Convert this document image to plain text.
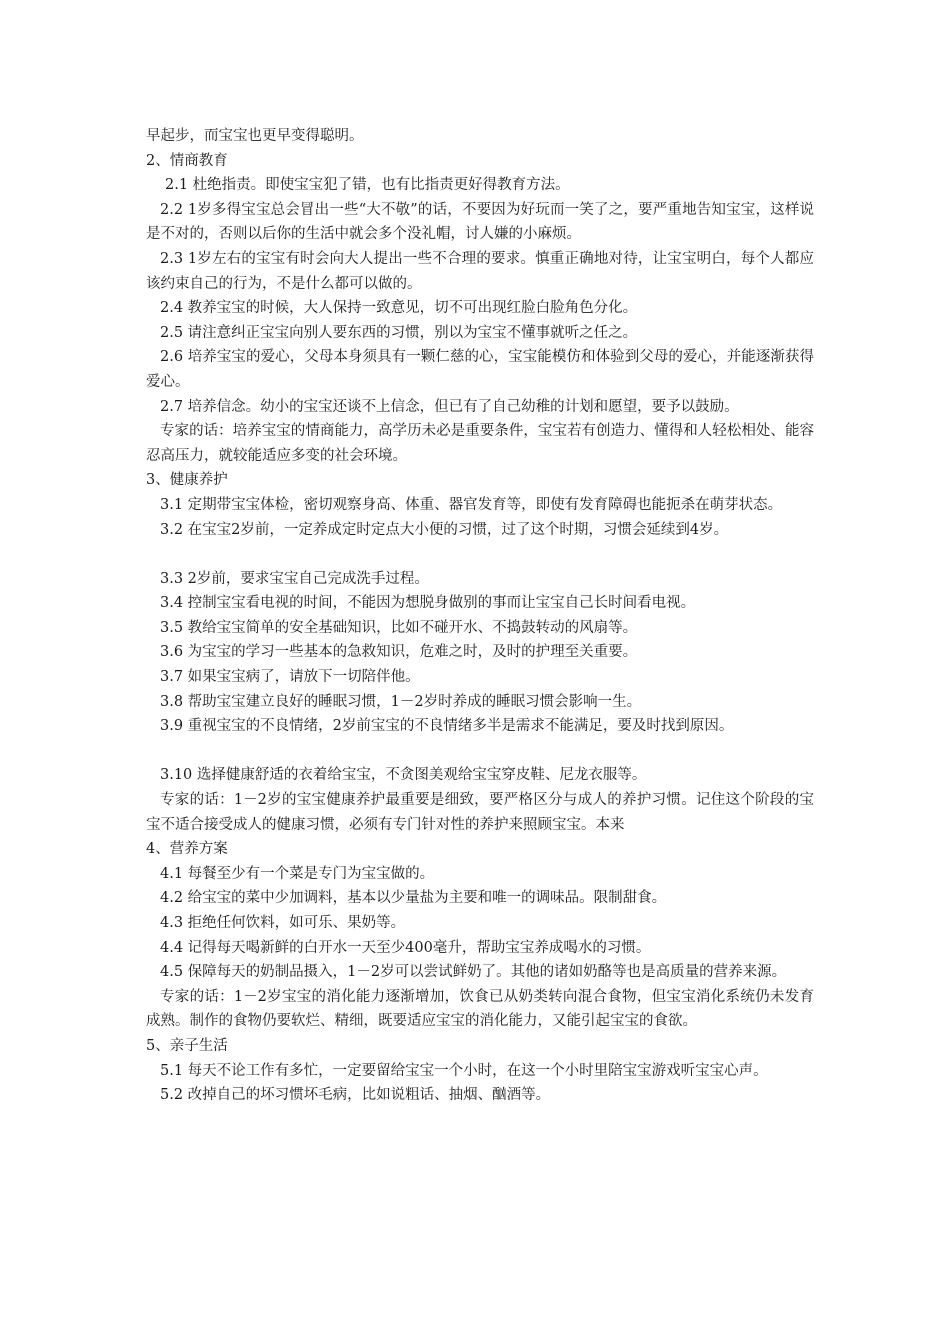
早起步，而宝宝也更早变得聪明。

2、情商教育

2.1 杜绝指责。即使宝宝犯了错，也有比指责更好得教育方法。

2.2 1岁多得宝宝总会冒出一些“大不敬”的话，不要因为好玩而一笑了之，要严重地告知宝宝，这样说是不对的，否则以后你的生活中就会多个没礼帽，讨人嫌的小麻烦。

2.3 1岁左右的宝宝有时会向大人提出一些不合理的要求。慎重正确地对待，让宝宝明白，每个人都应该约束自己的行为，不是什么都可以做的。

2.4 教养宝宝的时候，大人保持一致意见，切不可出现红脸白脸角色分化。

2.5 请注意纠正宝宝向别人要东西的习惯，别以为宝宝不懂事就听之任之。

2.6 培养宝宝的爱心，父母本身须具有一颗仁慈的心，宝宝能模仿和体验到父母的爱心，并能逐渐获得爱心。

2.7 培养信念。幼小的宝宝还谈不上信念，但已有了自己幼稚的计划和愿望，要予以鼓励。

专家的话：培养宝宝的情商能力，高学历未必是重要条件，宝宝若有创造力、懂得和人轻松相处、能容忍高压力，就较能适应多变的社会环境。

3、健康养护

3.1 定期带宝宝体检，密切观察身高、体重、器官发育等，即使有发育障碍也能扼杀在萌芽状态。

3.2 在宝宝2岁前，一定养成定时定点大小便的习惯，过了这个时期，习惯会延续到4岁。

3.3 2岁前，要求宝宝自己完成洗手过程。

3.4 控制宝宝看电视的时间，不能因为想脱身做别的事而让宝宝自己长时间看电视。

3.5 教给宝宝简单的安全基础知识，比如不碰开水、不捣鼓转动的风扇等。

3.6 为宝宝的学习一些基本的急救知识，危难之时，及时的护理至关重要。

3.7 如果宝宝病了，请放下一切陪伴他。

3.8 帮助宝宝建立良好的睡眠习惯，1－2岁时养成的睡眠习惯会影响一生。

3.9 重视宝宝的不良情绪，2岁前宝宝的不良情绪多半是需求不能满足，要及时找到原因。

3.10 选择健康舒适的衣着给宝宝，不贪图美观给宝宝穿皮鞋、尼龙衣服等。

专家的话：1－2岁的宝宝健康养护最重要是细致，要严格区分与成人的养护习惯。记住这个阶段的宝宝不适合接受成人的健康习惯，必须有专门针对性的养护来照顾宝宝。本来

4、营养方案

4.1 每餐至少有一个菜是专门为宝宝做的。

4.2 给宝宝的菜中少加调料，基本以少量盐为主要和唯一的调味品。限制甜食。

4.3 拒绝任何饮料，如可乐、果奶等。

4.4 记得每天喝新鲜的白开水一天至少400毫升，帮助宝宝养成喝水的习惯。

4.5 保障每天的奶制品摄入，1－2岁可以尝试鲜奶了。其他的诸如奶酪等也是高质量的营养来源。

专家的话：1－2岁宝宝的消化能力逐渐增加，饮食已从奶类转向混合食物，但宝宝消化系统仍未发育成熟。制作的食物仍要软烂、精细，既要适应宝宝的消化能力，又能引起宝宝的食欲。

5、亲子生活

5.1 每天不论工作有多忙，一定要留给宝宝一个小时，在这一个小时里陪宝宝游戏听宝宝心声。

5.2 改掉自己的坏习惯坏毛病，比如说粗话、抽烟、酗酒等。
